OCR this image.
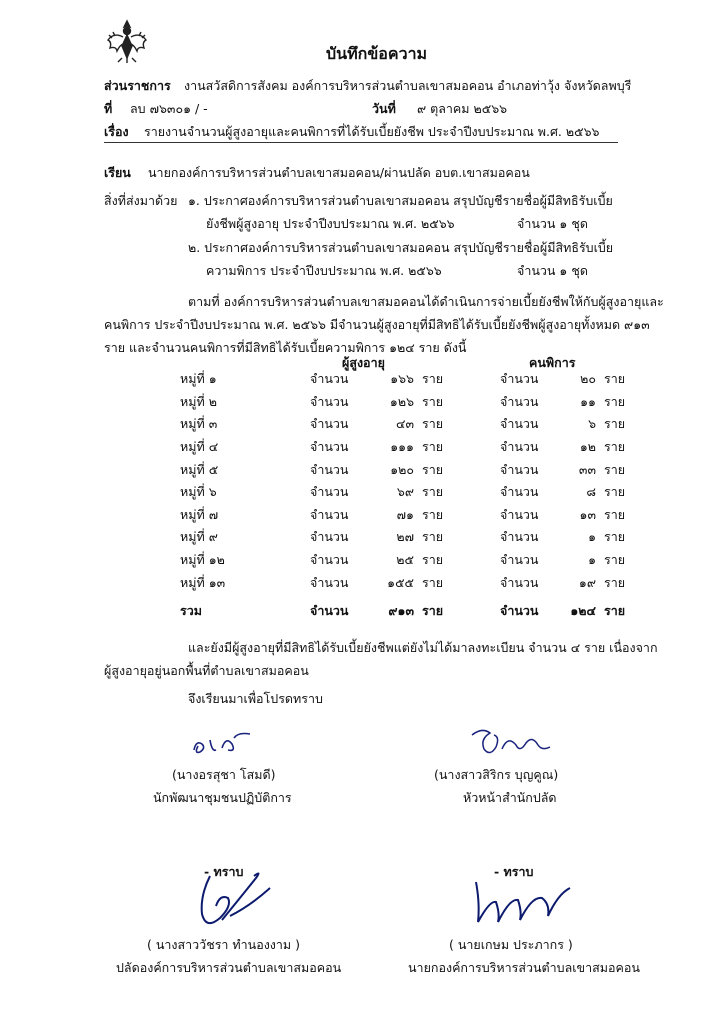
บันทึกข้อความ
ส่วนราชการ งานสวัสดิการสังคม องค์การบริหารส่วนตำบลเขาสมอคอน อำเภอท่าวุ้ง จังหวัดลพบุรี
ที่ ลบ ๗๖๓๐๑ / -	วันที่ ๙ ตุลาคม ๒๕๖๖
เรื่อง รายงานจำนวนผู้สูงอายุและคนพิการที่ได้รับเบี้ยยังชีพ ประจำปีงบประมาณ พ.ศ. ๒๕๖๖
เรียน นายกองค์การบริหารส่วนตำบลเขาสมอคอน/ผ่านปลัด อบต.เขาสมอคอน
สิ่งที่ส่งมาด้วย ๑. ประกาศองค์การบริหารส่วนตำบลเขาสมอคอน สรุปบัญชีรายชื่อผู้มีสิทธิรับเบี้ย
ยังชีพผู้สูงอายุ ประจำปีงบประมาณ พ.ศ. ๒๕๖๖	จำนวน ๑ ชุด
๒. ประกาศองค์การบริหารส่วนตำบลเขาสมอคอน สรุปบัญชีรายชื่อผู้มีสิทธิรับเบี้ย
ความพิการ ประจำปีงบประมาณ พ.ศ. ๒๕๖๖	จำนวน ๑ ชุด
ตามที่ องค์การบริหารส่วนตำบลเขาสมอคอนได้ดำเนินการจ่ายเบี้ยยังชีพให้กับผู้สูงอายุและ
คนพิการ ประจำปีงบประมาณ พ.ศ. ๒๕๖๖ มีจำนวนผู้สูงอายุที่มีสิทธิได้รับเบี้ยยังชีพผู้สูงอายุทั้งหมด ๙๑๓
ราย และจำนวนคนพิการที่มีสิทธิได้รับเบี้ยความพิการ ๑๒๔ ราย ดังนี้
ผู้สูงอายุ	คนพิการ
หมู่ที่ ๑	จำนวน	๑๖๖	ราย	จำนวน	๒๐	ราย
หมู่ที่ ๒	จำนวน	๑๒๖	ราย	จำนวน	๑๑	ราย
หมู่ที่ ๓	จำนวน	๔๓	ราย	จำนวน	๖	ราย
หมู่ที่ ๔	จำนวน	๑๑๑	ราย	จำนวน	๑๒	ราย
หมู่ที่ ๕	จำนวน	๑๒๐	ราย	จำนวน	๓๓	ราย
หมู่ที่ ๖	จำนวน	๖๙	ราย	จำนวน	๘	ราย
หมู่ที่ ๗	จำนวน	๗๑	ราย	จำนวน	๑๓	ราย
หมู่ที่ ๙	จำนวน	๒๗	ราย	จำนวน	๑	ราย
หมู่ที่ ๑๒	จำนวน	๒๕	ราย	จำนวน	๑	ราย
หมู่ที่ ๑๓	จำนวน	๑๕๕	ราย	จำนวน	๑๙	ราย
รวม	จำนวน	๙๑๓	ราย	จำนวน	๑๒๔	ราย
และยังมีผู้สูงอายุที่มีสิทธิได้รับเบี้ยยังชีพแต่ยังไม่ได้มาลงทะเบียน จำนวน ๔ ราย เนื่องจาก
ผู้สูงอายุอยู่นอกพื้นที่ตำบลเขาสมอคอน
จึงเรียนมาเพื่อโปรดทราบ
(นางอรสุชา โสมดี)
นักพัฒนาชุมชนปฏิบัติการ
(นางสาวสิริกร บุญคูณ)
หัวหน้าสำนักปลัด
- ทราบ
( นางสาววัชรา ทำนองงาม )
ปลัดองค์การบริหารส่วนตำบลเขาสมอคอน
- ทราบ
( นายเกษม ประภากร )
นายกองค์การบริหารส่วนตำบลเขาสมอคอน
